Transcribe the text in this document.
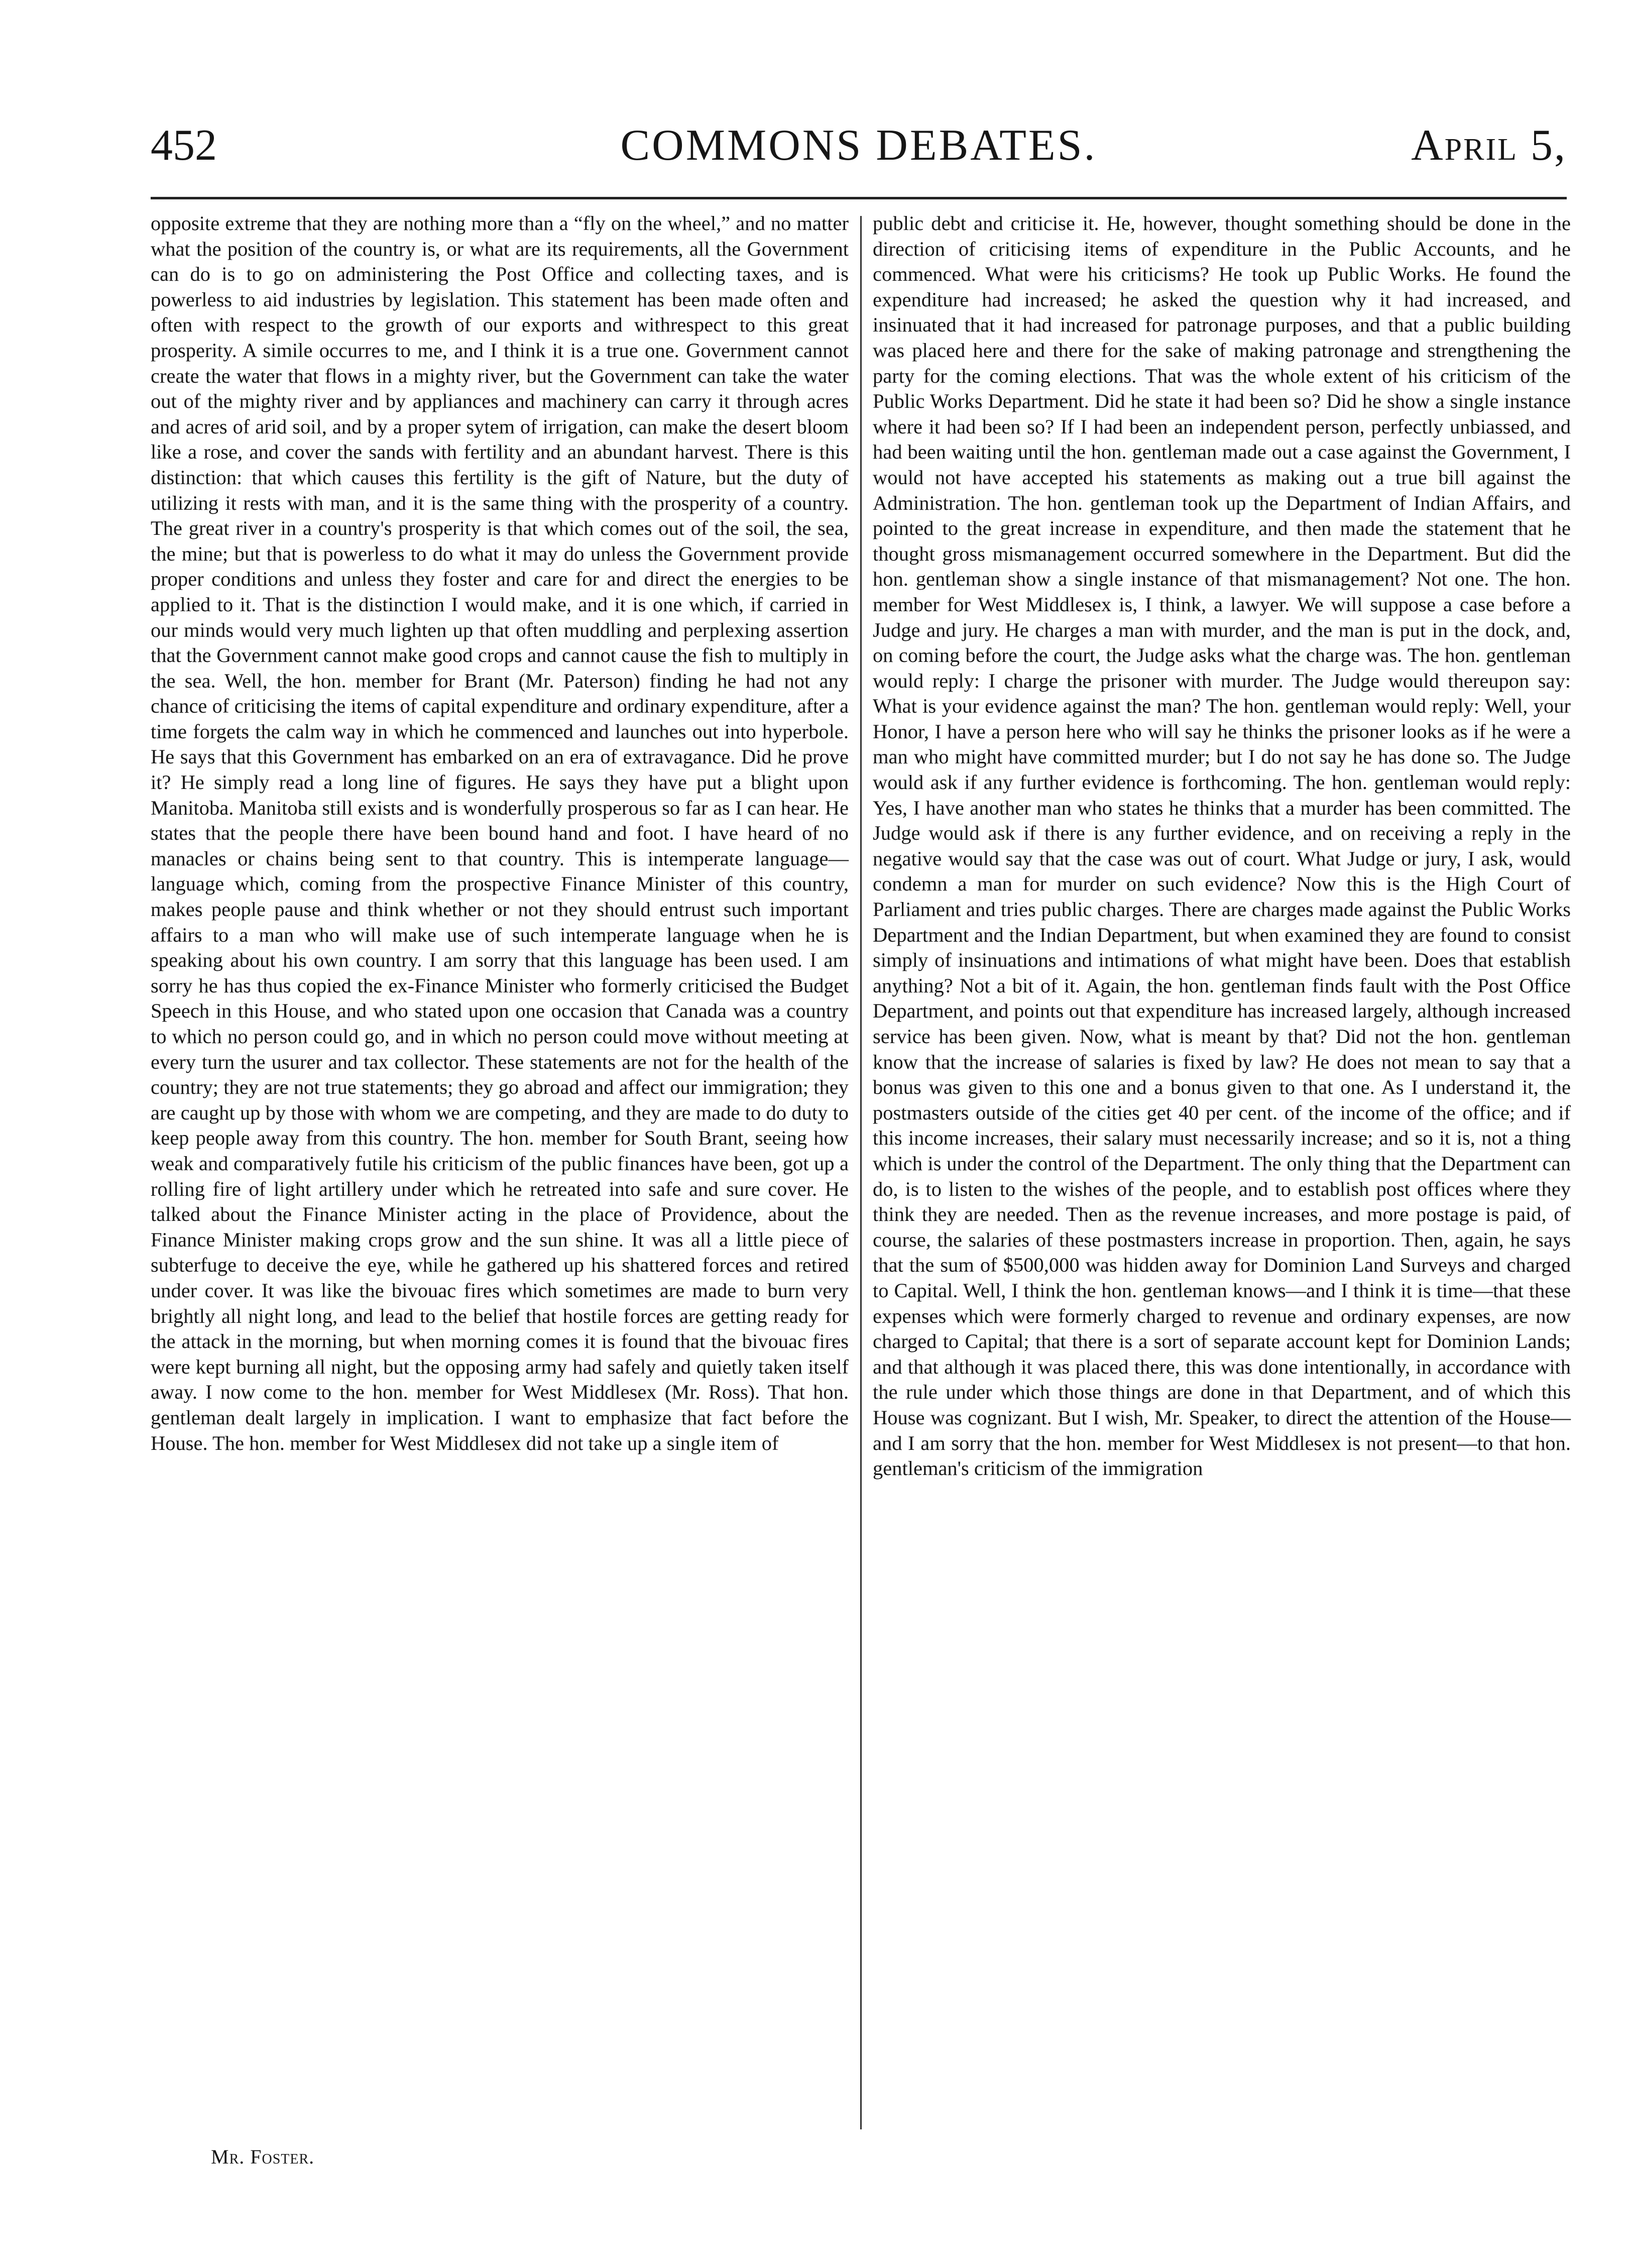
452	COMMONS DEBATES.	April 5,
opposite extreme that they are nothing more than a “fly on the wheel,” and no matter what the position of the country is, or what are its requirements, all the Government can do is to go on administering the Post Office and collecting taxes, and is powerless to aid industries by legislation. This statement has been made often and often with respect to the growth of our exports and withrespect to this great prosperity. A simile occurres to me, and I think it is a true one. Government cannot create the water that flows in a mighty river, but the Government can take the water out of the mighty river and by appliances and machinery can carry it through acres and acres of arid soil, and by a proper sytem of irrigation, can make the desert bloom like a rose, and cover the sands with fertility and an abundant harvest. There is this distinction: that which causes this fertility is the gift of Nature, but the duty of utilizing it rests with man, and it is the same thing with the prosperity of a country. The great river in a country's prosperity is that which comes out of the soil, the sea, the mine; but that is powerless to do what it may do unless the Government provide proper conditions and unless they foster and care for and direct the energies to be applied to it. That is the distinction I would make, and it is one which, if carried in our minds would very much lighten up that often muddling and perplexing assertion that the Government cannot make good crops and cannot cause the fish to multiply in the sea. Well, the hon. member for Brant (Mr. Paterson) finding he had not any chance of criticising the items of capital expenditure and ordinary expenditure, after a time forgets the calm way in which he commenced and launches out into hyperbole. He says that this Government has embarked on an era of extravagance. Did he prove it? He simply read a long line of figures. He says they have put a blight upon Manitoba. Manitoba still exists and is wonderfully prosperous so far as I can hear. He states that the people there have been bound hand and foot. I have heard of no manacles or chains being sent to that country. This is intemperate language—language which, coming from the prospective Finance Minister of this country, makes people pause and think whether or not they should entrust such important affairs to a man who will make use of such intemperate language when he is speaking about his own country. I am sorry that this language has been used. I am sorry he has thus copied the ex-Finance Minister who formerly criticised the Budget Speech in this House, and who stated upon one occasion that Canada was a country to which no person could go, and in which no person could move without meeting at every turn the usurer and tax collector. These statements are not for the health of the country; they are not true statements; they go abroad and affect our immigration; they are caught up by those with whom we are competing, and they are made to do duty to keep people away from this country. The hon. member for South Brant, seeing how weak and comparatively futile his criticism of the public finances have been, got up a rolling fire of light artillery under which he retreated into safe and sure cover. He talked about the Finance Minister acting in the place of Providence, about the Finance Minister making crops grow and the sun shine. It was all a little piece of subterfuge to deceive the eye, while he gathered up his shattered forces and retired under cover. It was like the bivouac fires which sometimes are made to burn very brightly all night long, and lead to the belief that hostile forces are getting ready for the attack in the morning, but when morning comes it is found that the bivouac fires were kept burning all night, but the opposing army had safely and quietly taken itself away. I now come to the hon. member for West Middlesex (Mr. Ross). That hon. gentleman dealt largely in implication. I want to emphasize that fact before the House. The hon. member for West Middlesex did not take up a single item of
public debt and criticise it. He, however, thought something should be done in the direction of criticising items of expenditure in the Public Accounts, and he commenced. What were his criticisms? He took up Public Works. He found the expenditure had increased; he asked the question why it had increased, and insinuated that it had increased for patronage purposes, and that a public building was placed here and there for the sake of making patronage and strengthening the party for the coming elections. That was the whole extent of his criticism of the Public Works Department. Did he state it had been so? Did he show a single instance where it had been so? If I had been an independent person, perfectly unbiassed, and had been waiting until the hon. gentleman made out a case against the Government, I would not have accepted his statements as making out a true bill against the Administration. The hon. gentleman took up the Department of Indian Affairs, and pointed to the great increase in expenditure, and then made the statement that he thought gross mismanagement occurred somewhere in the Department. But did the hon. gentleman show a single instance of that mismanagement? Not one. The hon. member for West Middlesex is, I think, a lawyer. We will suppose a case before a Judge and jury. He charges a man with murder, and the man is put in the dock, and, on coming before the court, the Judge asks what the charge was. The hon. gentleman would reply: I charge the prisoner with murder. The Judge would thereupon say: What is your evidence against the man? The hon. gentleman would reply: Well, your Honor, I have a person here who will say he thinks the prisoner looks as if he were a man who might have committed murder; but I do not say he has done so. The Judge would ask if any further evidence is forthcoming. The hon. gentleman would reply: Yes, I have another man who states he thinks that a murder has been committed. The Judge would ask if there is any further evidence, and on receiving a reply in the negative would say that the case was out of court. What Judge or jury, I ask, would condemn a man for murder on such evidence? Now this is the High Court of Parliament and tries public charges. There are charges made against the Public Works Department and the Indian Department, but when examined they are found to consist simply of insinuations and intimations of what might have been. Does that establish anything? Not a bit of it. Again, the hon. gentleman finds fault with the Post Office Department, and points out that expenditure has increased largely, although increased service has been given. Now, what is meant by that? Did not the hon. gentleman know that the increase of salaries is fixed by law? He does not mean to say that a bonus was given to this one and a bonus given to that one. As I understand it, the postmasters outside of the cities get 40 per cent. of the income of the office; and if this income increases, their salary must necessarily increase; and so it is, not a thing which is under the control of the Department. The only thing that the Department can do, is to listen to the wishes of the people, and to establish post offices where they think they are needed. Then as the revenue increases, and more postage is paid, of course, the salaries of these postmasters increase in proportion. Then, again, he says that the sum of $500,000 was hidden away for Dominion Land Surveys and charged to Capital. Well, I think the hon. gentleman knows—and I think it is time—that these expenses which were formerly charged to revenue and ordinary expenses, are now charged to Capital; that there is a sort of separate account kept for Dominion Lands; and that although it was placed there, this was done intentionally, in accordance with the rule under which those things are done in that Department, and of which this House was cognizant. But I wish, Mr. Speaker, to direct the attention of the House—and I am sorry that the hon. member for West Middlesex is not present—to that hon. gentleman's criticism of the immigration
Mr. Foster.
